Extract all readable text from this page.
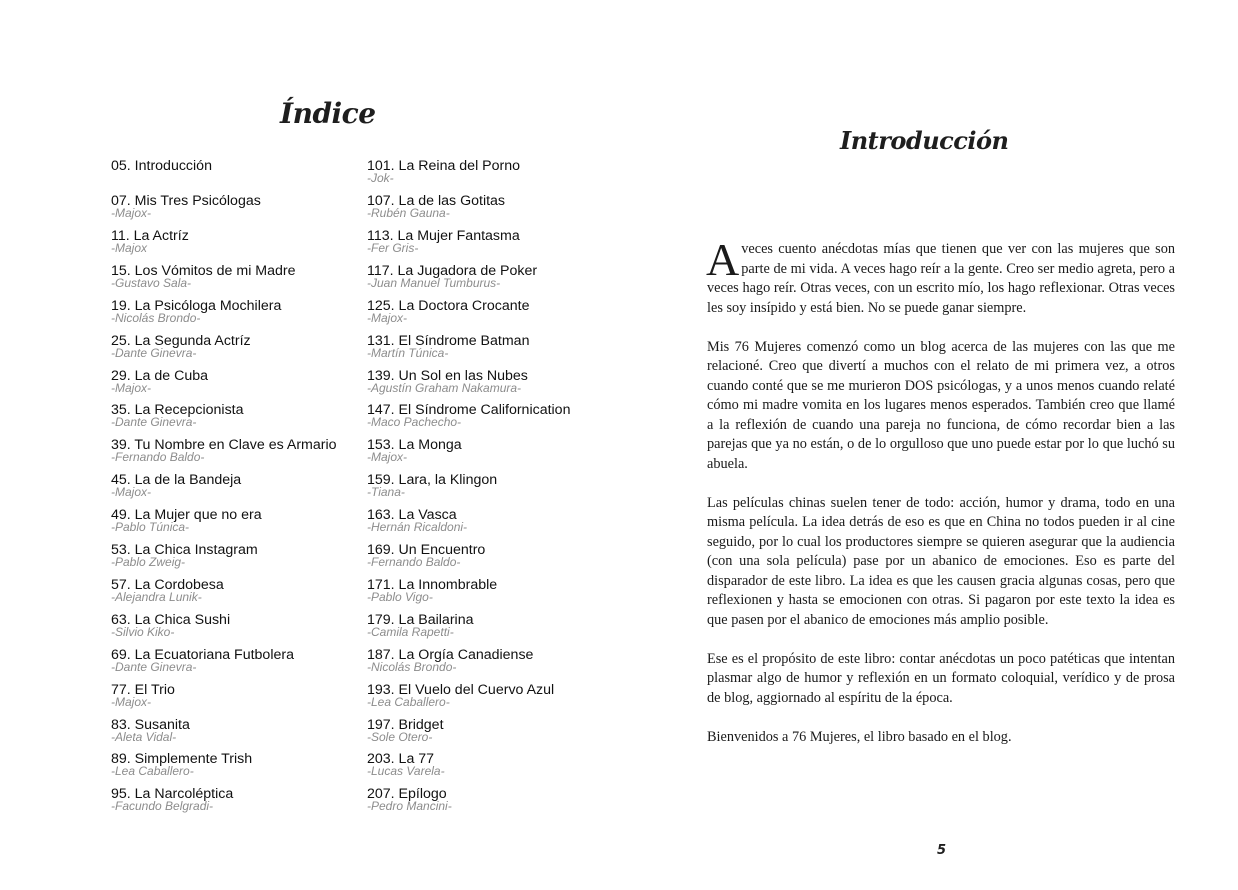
Índice
05. Introducción
07. Mis Tres Psicólogas
-Majox-
11. La Actríz
-Majox
15. Los Vómitos de mi Madre
-Gustavo Sala-
19. La Psicóloga Mochilera
-Nicolás Brondo-
25. La Segunda Actríz
-Dante Ginevra-
29. La de Cuba
-Majox-
35. La Recepcionista
-Dante Ginevra-
39. Tu Nombre en Clave es Armario
-Fernando Baldo-
45. La de la Bandeja
-Majox-
49. La Mujer que no era
-Pablo Túnica-
53. La Chica Instagram
-Pablo Zweig-
57. La Cordobesa
-Alejandra Lunik-
63. La Chica Sushi
-Silvio Kiko-
69. La Ecuatoriana Futbolera
-Dante Ginevra-
77. El Trio
-Majox-
83. Susanita
-Aleta Vidal-
89. Simplemente Trish
-Lea Caballero-
95. La Narcoléptica
-Facundo Belgradi-
101. La Reina del Porno
-Jok-
107. La de las Gotitas
-Rubén Gauna-
113. La Mujer Fantasma
-Fer Gris-
117. La Jugadora de Poker
-Juan Manuel Tumburus-
125. La Doctora Crocante
-Majox-
131. El Síndrome Batman
-Martín Túnica-
139. Un Sol en las Nubes
-Agustín Graham Nakamura-
147. El Síndrome Californication
-Maco Pachecho-
153. La Monga
-Majox-
159. Lara, la Klingon
-Tiana-
163. La Vasca
-Hernán Ricaldoni-
169. Un Encuentro
-Fernando Baldo-
171. La Innombrable
-Pablo Vigo-
179. La Bailarina
-Camila Rapetti-
187. La Orgía Canadiense
-Nicolás Brondo-
193. El Vuelo del Cuervo Azul
-Lea Caballero-
197. Bridget
-Sole Otero-
203. La 77
-Lucas Varela-
207. Epílogo
-Pedro Mancini-
Introducción

A veces cuento anécdotas mías que tienen que ver con las mujeres que son parte de mi vida. A veces hago reír a la gente. Creo ser medio agreta, pero a veces hago reír. Otras veces, con un escrito mío, los hago reflexionar. Otras veces les soy insípido y está bien. No se puede ganar siempre.

Mis 76 Mujeres comenzó como un blog acerca de las mujeres con las que me relacioné. Creo que divertí a muchos con el relato de mi primera vez, a otros cuando conté que se me murieron DOS psicólogas, y a unos menos cuando relaté cómo mi madre vomita en los lugares menos esperados. También creo que llamé a la reflexión de cuando una pareja no funciona, de cómo recordar bien a las parejas que ya no están, o de lo orgulloso que uno puede estar por lo que luchó su abuela.

Las películas chinas suelen tener de todo: acción, humor y drama, todo en una misma película. La idea detrás de eso es que en China no todos pueden ir al cine seguido, por lo cual los productores siempre se quieren asegurar que la audiencia (con una sola película) pase por un abanico de emociones. Eso es parte del disparador de este libro. La idea es que les causen gracia algunas cosas, pero que reflexionen y hasta se emocionen con otras. Si pagaron por este texto la idea es que pasen por el abanico de emociones más amplio posible.

Ese es el propósito de este libro: contar anécdotas un poco patéticas que intentan plasmar algo de humor y reflexión en un formato coloquial, verídico y de prosa de blog, aggiornado al espíritu de la época.

Bienvenidos a 76 Mujeres, el libro basado en el blog.

5
